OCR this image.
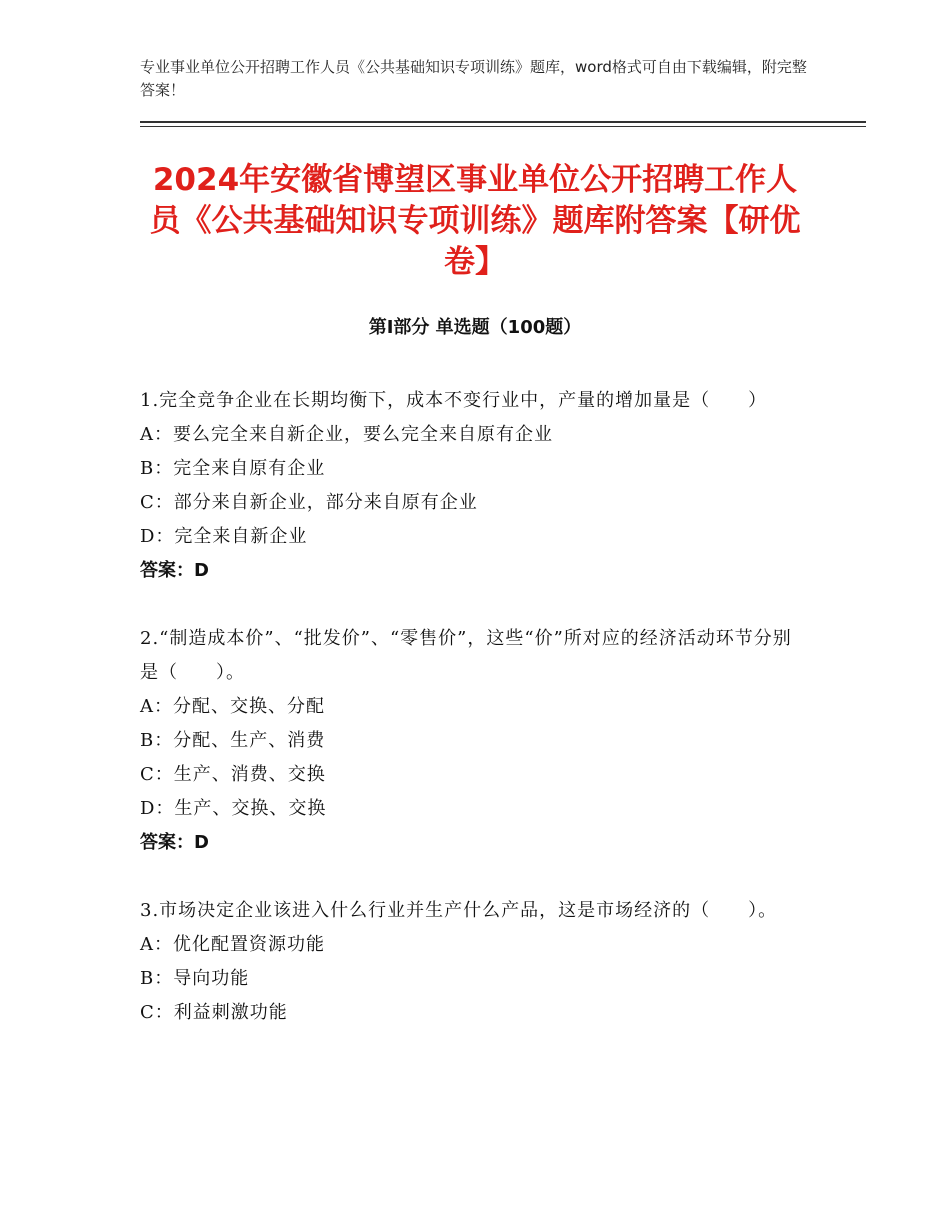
专业事业单位公开招聘工作人员《公共基础知识专项训练》题库，word格式可自由下载编辑，附完整答案！
2024年安徽省博望区事业单位公开招聘工作人员《公共基础知识专项训练》题库附答案【研优卷】
第Ⅰ部分 单选题（100题）
1.完全竞争企业在长期均衡下，成本不变行业中，产量的增加量是（　　）
A：要么完全来自新企业，要么完全来自原有企业
B：完全来自原有企业
C：部分来自新企业，部分来自原有企业
D：完全来自新企业
答案：D
2.“制造成本价”、“批发价”、“零售价”，这些“价”所对应的经济活动环节分别是（　　）。
A：分配、交换、分配
B：分配、生产、消费
C：生产、消费、交换
D：生产、交换、交换
答案：D
3.市场决定企业该进入什么行业并生产什么产品，这是市场经济的（　　）。
A：优化配置资源功能
B：导向功能
C：利益刺激功能
